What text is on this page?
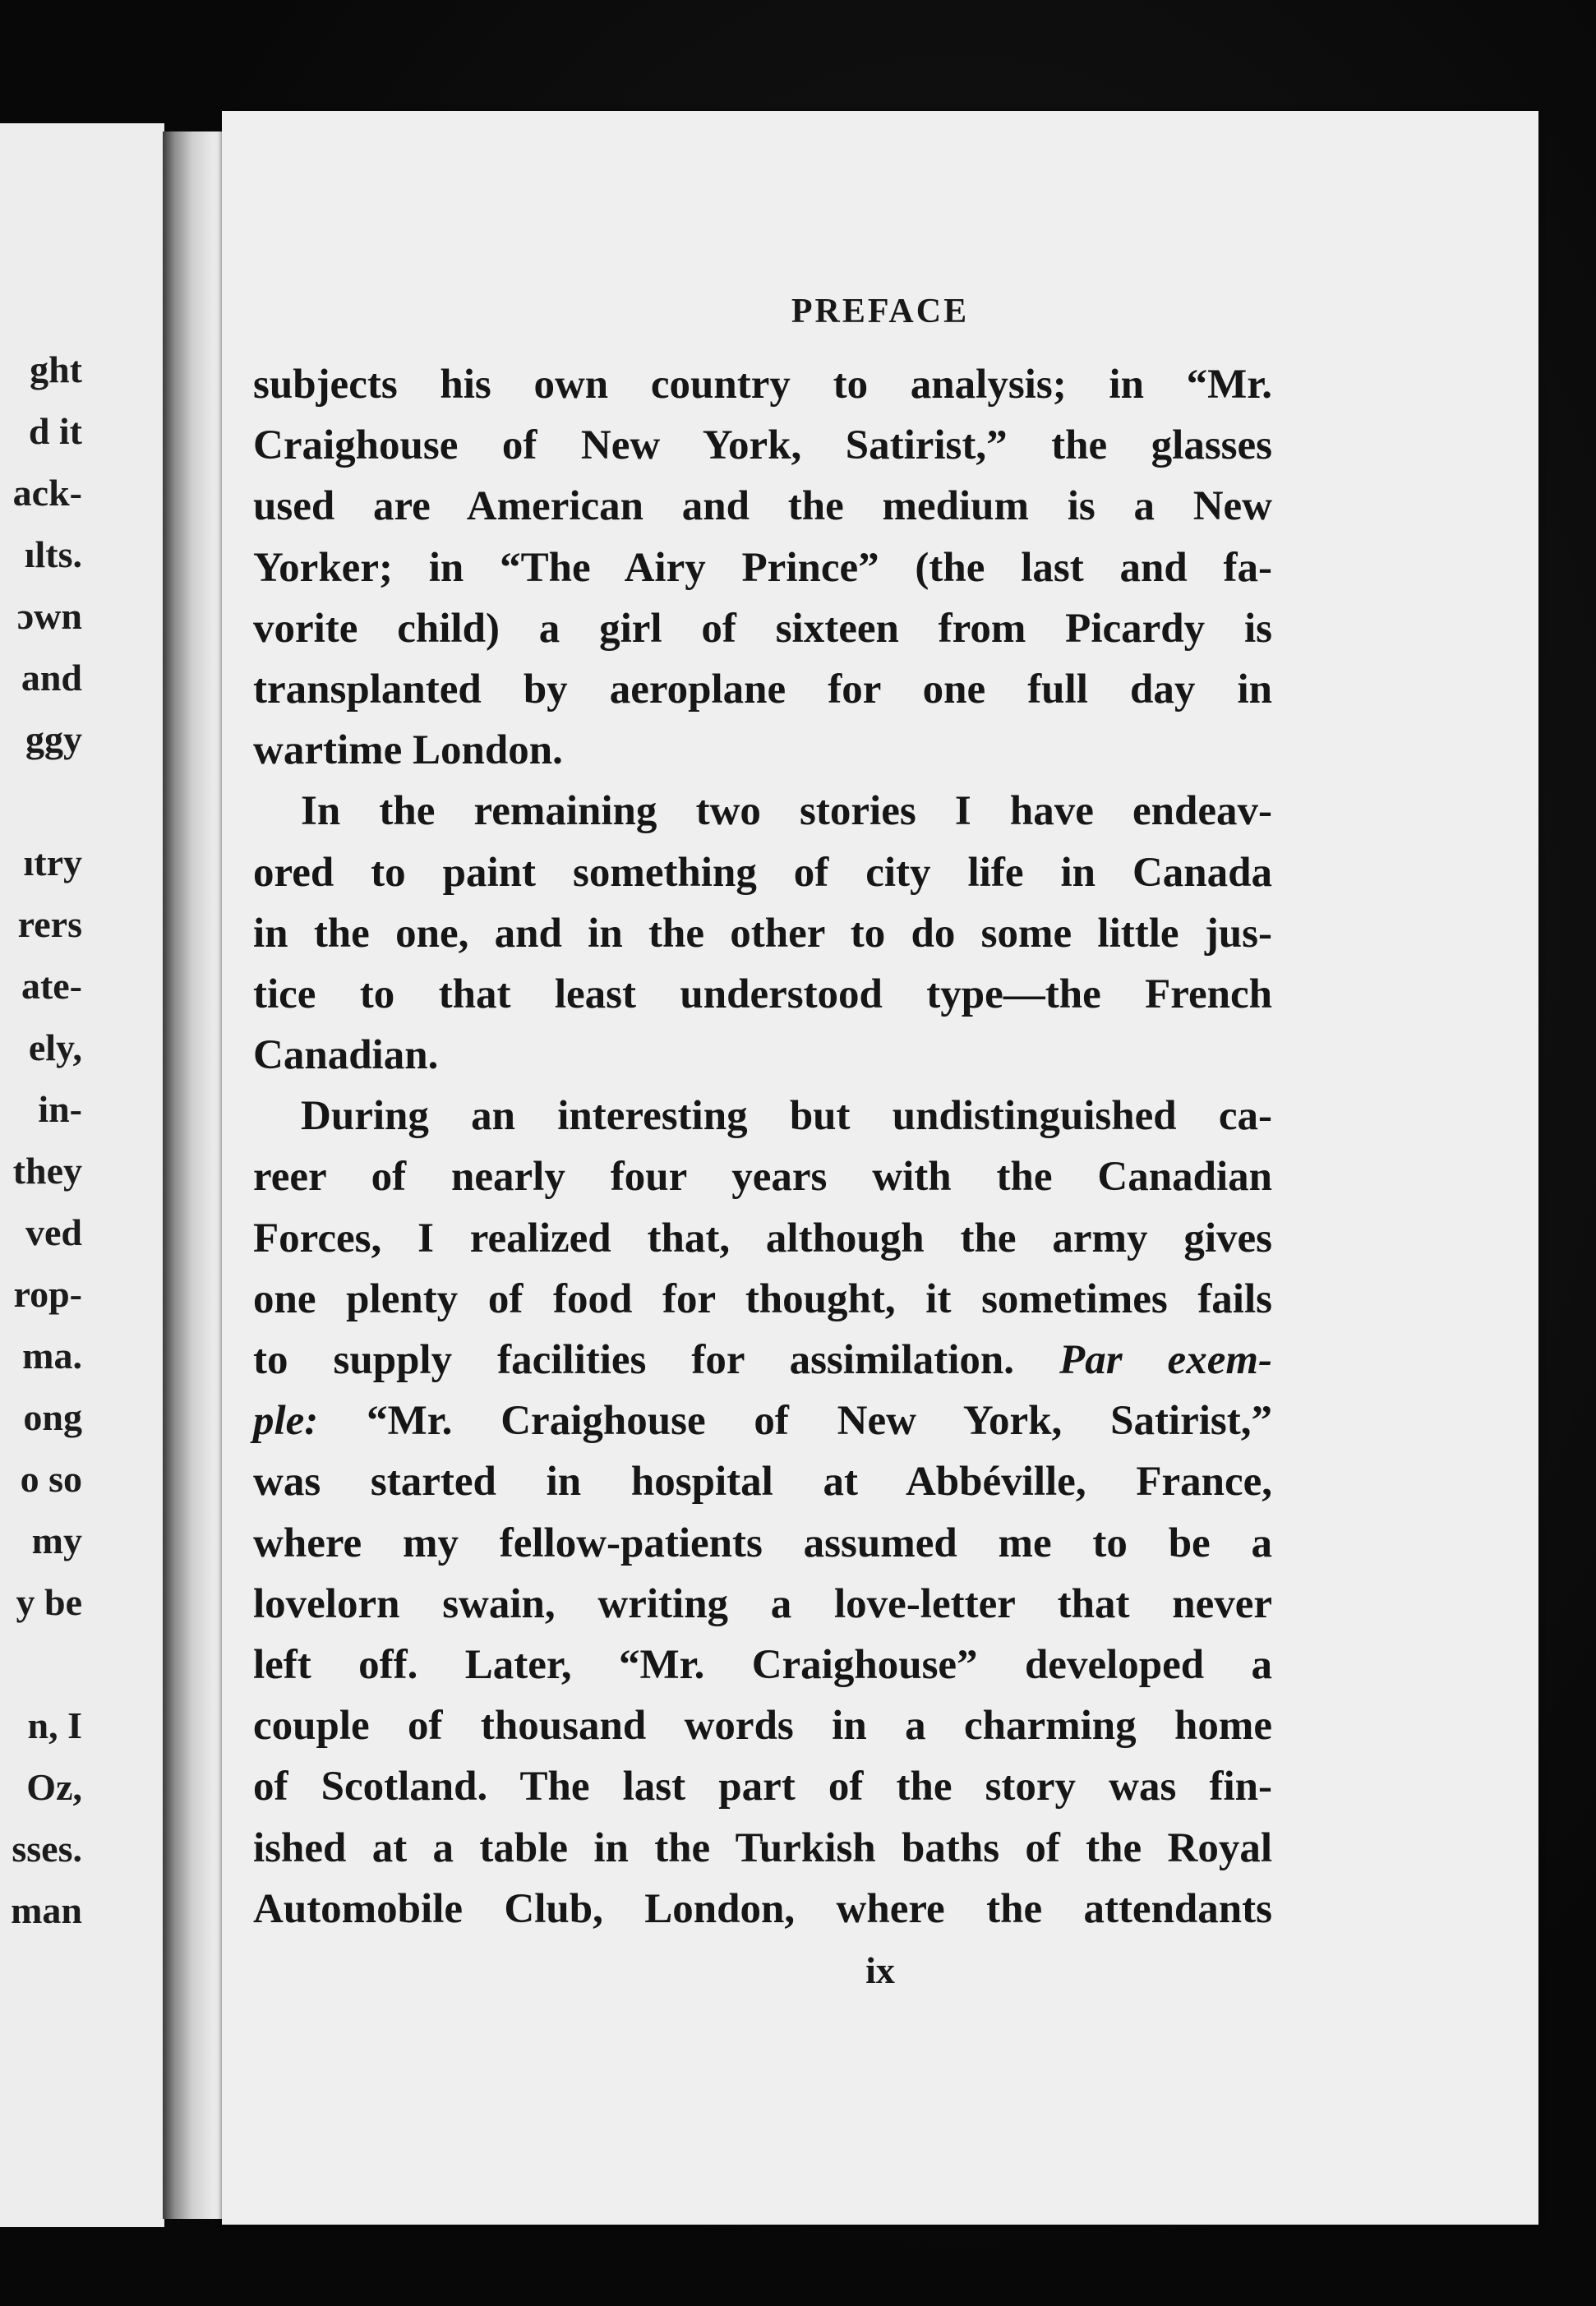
ght
d it
ack-
ılts.
ɔwn
and
ggy
ıtry
rers
ate-
ely,
in-
they
ved
rop-
ma.
ong
o so
my
y be
n, I
Oz,
sses.
man
PREFACE
subjects his own country to analysis; in “Mr.
Craighouse of New York, Satirist,” the glasses
used are American and the medium is a New
Yorker; in “The Airy Prince” (the last and fa-
vorite child) a girl of sixteen from Picardy is
transplanted by aeroplane for one full day in
wartime London.
In the remaining two stories I have endeav-
ored to paint something of city life in Canada
in the one, and in the other to do some little jus-
tice to that least understood type—the French
Canadian.
During an interesting but undistinguished ca-
reer of nearly four years with the Canadian
Forces, I realized that, although the army gives
one plenty of food for thought, it sometimes fails
to supply facilities for assimilation. Par exem-
ple: “Mr. Craighouse of New York, Satirist,”
was started in hospital at Abbéville, France,
where my fellow-patients assumed me to be a
lovelorn swain, writing a love-letter that never
left off. Later, “Mr. Craighouse” developed a
couple of thousand words in a charming home
of Scotland. The last part of the story was fin-
ished at a table in the Turkish baths of the Royal
Automobile Club, London, where the attendants
ix
